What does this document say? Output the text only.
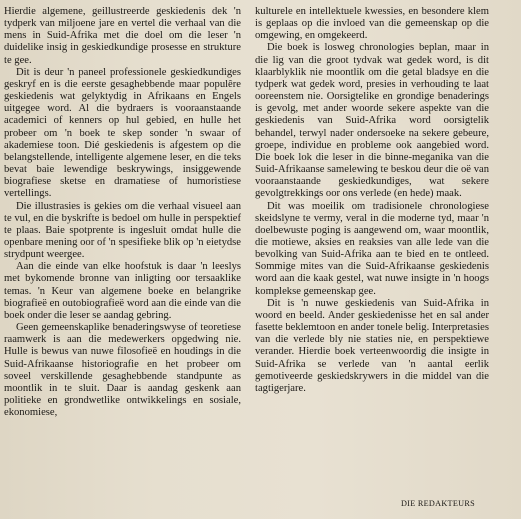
Hierdie algemene, geillustreerde geskiedenis dek 'n tydperk van miljoene jare en vertel die verhaal van die mens in Suid-Afrika met die doel om die leser 'n duidelike insig in geskiedkundige prosesse en strukture te gee.

Dit is deur 'n paneel professionele geskiedkundiges geskryf en is die eerste gesaghebbende maar populêre geskiedenis wat gelyktydig in Afrikaans en Engels uitgegee word. Al die bydraers is vooraanstaande academici of kenners op hul gebied, en hulle het probeer om 'n boek te skep sonder 'n swaar of akademiese toon. Dié geskiedenis is afgestem op die belangstellende, intelligente algemene leser, en die teks bevat baie lewendige beskrywings, insiggewende biografiese sketse en dramatiese of humoristiese vertellings.

Die illustrasies is gekies om die verhaal visueel aan te vul, en die byskrifte is bedoel om hulle in perspektief te plaas. Baie spotprente is ingesluit omdat hulle die openbare mening oor of 'n spesifieke blik op 'n eietydse strydpunt weergee.

Aan die einde van elke hoofstuk is daar 'n leeslys met bykomende bronne van inligting oor tersaaklike temas. 'n Keur van algemene boeke en belangrike biografieë en outobiografieë word aan die einde van die boek onder die leser se aandag gebring.

Geen gemeenskaplike benaderingswyse of teoretiese raamwerk is aan die medewerkers opgedwing nie. Hulle is bewus van nuwe filosofieë en houdings in die Suid-Afrikaanse historiografie en het probeer om soveel verskillende gesaghebbende standpunte as moontlik in te sluit. Daar is aandag geskenk aan politieke en grondwetlike ontwikkelings en sosiale, ekonomiese,

kulturele en intellektuele kwessies, en besondere klem is geplaas op die invloed van die gemeenskap op die omgewing, en omgekeerd.

Die boek is losweg chronologies beplan, maar in die lig van die groot tydvak wat gedek word, is dit klaarblyklik nie moontlik om die getal bladsye en die tydperk wat gedek word, presies in verhouding te laat ooreenstem nie. Oorsigtelike en grondige benaderings is gevolg, met ander woorde sekere aspekte van die geskiedenis van Suid-Afrika word oorsigtelik behandel, terwyl nader ondersoeke na sekere gebeure, groepe, individue en probleme ook aangebied word. Die boek lok die leser in die binne-meganika van die Suid-Afrikaanse samelewing te beskou deur die oë van vooraanstaande geskiedkundiges, wat sekere gevolgtrekkings oor ons verlede (en hede) maak.

Dit was moeilik om tradisionele chronologiese skeidslyne te vermy, veral in die moderne tyd, maar 'n doelbewuste poging is aangewend om, waar moontlik, die motiewe, aksies en reaksies van alle lede van die bevolking van Suid-Afrika aan te bied en te ontleed. Sommige mites van die Suid-Afrikaanse geskiedenis word aan die kaak gestel, wat nuwe insigte in 'n hoogs komplekse gemeenskap gee.

Dit is 'n nuwe geskiedenis van Suid-Afrika in woord en beeld. Ander geskiedenisse het en sal ander fasette beklemtoon en ander tonele belig. Interpretasies van die verlede bly nie staties nie, en perspektiewe verander. Hierdie boek verteenwoordig die insigte in Suid-Afrika se verlede van 'n aantal eerlik gemotiveerde geskiedskrywers in die middel van die tagtigerjare.

DIE REDAKTEURS
